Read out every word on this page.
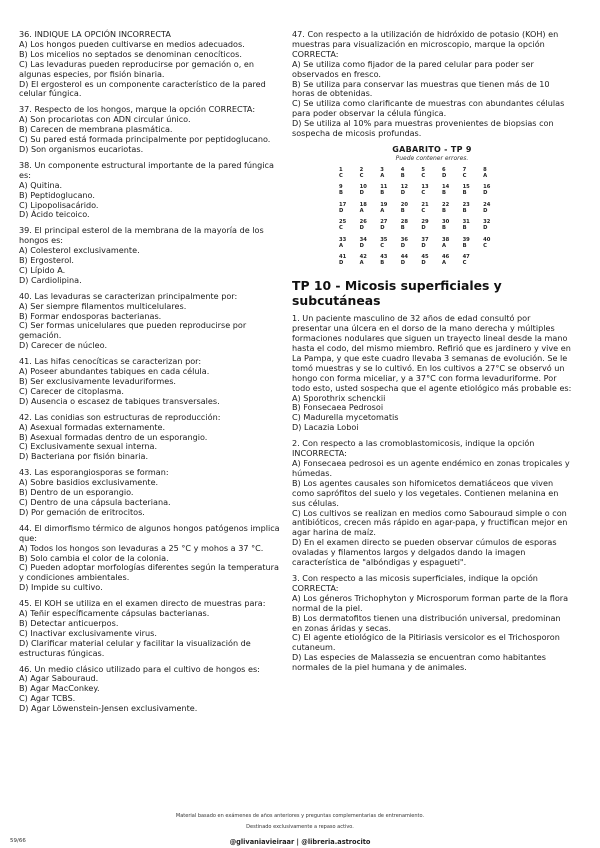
36. INDIQUE LA OPCIÓN INCORRECTA

A) Los hongos pueden cultivarse en medios adecuados.
B) Los micelios no septados se denominan cenocíticos.
C) Las levaduras pueden reproducirse por gemación o, en algunas especies, por fisión binaria.
D) El ergosterol es un componente característico de la pared celular fúngica.

37. Respecto de los hongos, marque la opción CORRECTA:

A) Son procariotas con ADN circular único.
B) Carecen de membrana plasmática.
C) Su pared está formada principalmente por peptidoglucano.
D) Son organismos eucariotas.

38. Un componente estructural importante de la pared fúngica es:

A) Quitina.
B) Peptidoglucano.
C) Lipopolisacárido.
D) Ácido teicoico.

39. El principal esterol de la membrana de la mayoría de los hongos es:

A) Colesterol exclusivamente.
B) Ergosterol.
C) Lípido A.
D) Cardiolipina.

40. Las levaduras se caracterizan principalmente por:

A) Ser siempre filamentos multicelulares.
B) Formar endosporas bacterianas.
C) Ser formas unicelulares que pueden reproducirse por gemación.
D) Carecer de núcleo.

41. Las hifas cenocíticas se caracterizan por:

A) Poseer abundantes tabiques en cada célula.
B) Ser exclusivamente levaduriformes.
C) Carecer de citoplasma.
D) Ausencia o escasez de tabiques transversales.

42. Las conidias son estructuras de reproducción:

A) Asexual formadas externamente.
B) Asexual formadas dentro de un esporangio.
C) Exclusivamente sexual interna.
D) Bacteriana por fisión binaria.

43. Las esporangiosporas se forman:

A) Sobre basidios exclusivamente.
B) Dentro de un esporangio.
C) Dentro de una cápsula bacteriana.
D) Por gemación de eritrocitos.

44. El dimorfismo térmico de algunos hongos patógenos implica que:

A) Todos los hongos son levaduras a 25 °C y mohos a 37 °C.
B) Solo cambia el color de la colonia.
C) Pueden adoptar morfologías diferentes según la temperatura y condiciones ambientales.
D) Impide su cultivo.

45. El KOH se utiliza en el examen directo de muestras para:

A) Teñir específicamente cápsulas bacterianas.
B) Detectar anticuerpos.
C) Inactivar exclusivamente virus.
D) Clarificar material celular y facilitar la visualización de estructuras fúngicas.

46. Un medio clásico utilizado para el cultivo de hongos es:

A) Agar Sabouraud.
B) Agar MacConkey.
C) Agar TCBS.
D) Agar Löwenstein-Jensen exclusivamente.

47. Con respecto a la utilización de hidróxido de potasio (KOH) en muestras para visualización en microscopio, marque la opción CORRECTA:

A) Se utiliza como fijador de la pared celular para poder ser observados en fresco.
B) Se utiliza para conservar las muestras que tienen más de 10 horas de obtenidas.
C) Se utiliza como clarificante de muestras con abundantes células para poder observar la célula fúngica.
D) Se utiliza al 10% para muestras provenientes de biopsias con sospecha de micosis profundas.
GABARITO - TP 9
Puede contener errores.
1
C
2
C
3
A
4
B
5
C
6
D
7
C
8
A
9
B
10
D
11
B
12
D
13
C
14
B
15
B
16
D
17
D
18
A
19
A
20
B
21
C
22
B
23
B
24
D
25
C
26
D
27
D
28
B
29
D
30
B
31
B
32
D
33
A
34
D
35
C
36
D
37
D
38
A
39
B
40
C
41
D
42
A
43
B
44
D
45
D
46
A
47
C
TP 10 - Micosis superficiales y subcutáneas

1. Un paciente masculino de 32 años de edad consultó por presentar una úlcera en el dorso de la mano derecha y múltiples formaciones nodulares que siguen un trayecto lineal desde la mano hasta el codo, del mismo miembro. Refirió que es jardinero y vive en La Pampa, y que este cuadro llevaba 3 semanas de evolución. Se le tomó muestras y se lo cultivó. En los cultivos a 27°C se observó un hongo con forma miceliar, y a 37°C con forma levaduriforme. Por todo esto, usted sospecha que el agente etiológico más probable es:

A) Sporothrix schenckii
B) Fonsecaea Pedrosoi
C) Madurella mycetomatis
D) Lacazia Loboi

2. Con respecto a las cromoblastomicosis, indique la opción INCORRECTA:

A) Fonsecaea pedrosoi es un agente endémico en zonas tropicales y húmedas.
B) Los agentes causales son hifomicetos dematiáceos que viven como saprófitos del suelo y los vegetales. Contienen melanina en sus células.
C) Los cultivos se realizan en medios como Sabouraud simple o con antibióticos, crecen más rápido en agar-papa, y fructifican mejor en agar harina de maíz.
D) En el examen directo se pueden observar cúmulos de esporas ovaladas y filamentos largos y delgados dando la imagen característica de "albóndigas y espagueti".

3. Con respecto a las micosis superficiales, indique la opción CORRECTA:

A) Los géneros Trichophyton y Microsporum forman parte de la flora normal de la piel.
B) Los dermatofitos tienen una distribución universal, predominan en zonas áridas y secas.
C) El agente etiológico de la Pitiriasis versicolor es el Trichosporon cutaneum.
D) Las especies de Malassezia se encuentran como habitantes normales de la piel humana y de animales.
Material basado en exámenes de años anteriores y preguntas complementarias de entrenamiento.
Destinado exclusivamente a repaso activo.
@glivaniavieiraar | @libreria.astrocito
59/66
